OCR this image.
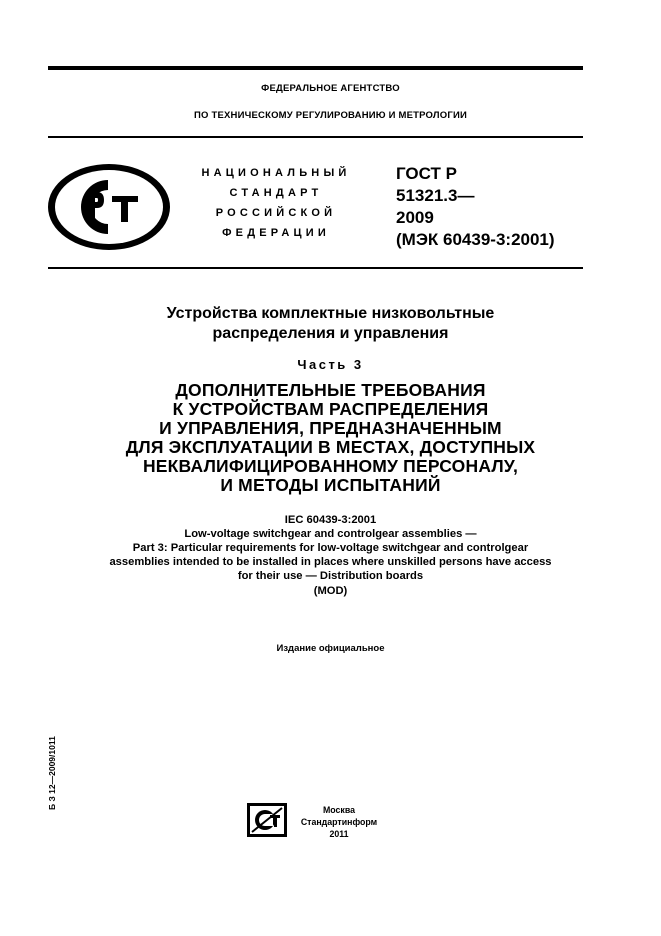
ФЕДЕРАЛЬНОЕ АГЕНТСТВО
ПО ТЕХНИЧЕСКОМУ РЕГУЛИРОВАНИЮ И МЕТРОЛОГИИ
НАЦИОНАЛЬНЫЙ
СТАНДАРТ
РОССИЙСКОЙ
ФЕДЕРАЦИИ
ГОСТ Р
51321.3—
2009
(МЭК 60439-3:2001)
Устройства комплектные низковольтные
распределения и управления
Часть 3
ДОПОЛНИТЕЛЬНЫЕ ТРЕБОВАНИЯ
К УСТРОЙСТВАМ РАСПРЕДЕЛЕНИЯ
И УПРАВЛЕНИЯ, ПРЕДНАЗНАЧЕННЫМ
ДЛЯ ЭКСПЛУАТАЦИИ В МЕСТАХ, ДОСТУПНЫХ
НЕКВАЛИФИЦИРОВАННОМУ ПЕРСОНАЛУ,
И МЕТОДЫ ИСПЫТАНИЙ
IEC 60439-3:2001
Low-voltage switchgear and controlgear assemblies —
Part 3: Particular requirements for low-voltage switchgear and controlgear
assemblies intended to be installed in places where unskilled persons have access
for their use — Distribution boards
(MOD)
Издание официальное
Б З 12—2009/1011	Москва
Стандартинформ
2011
